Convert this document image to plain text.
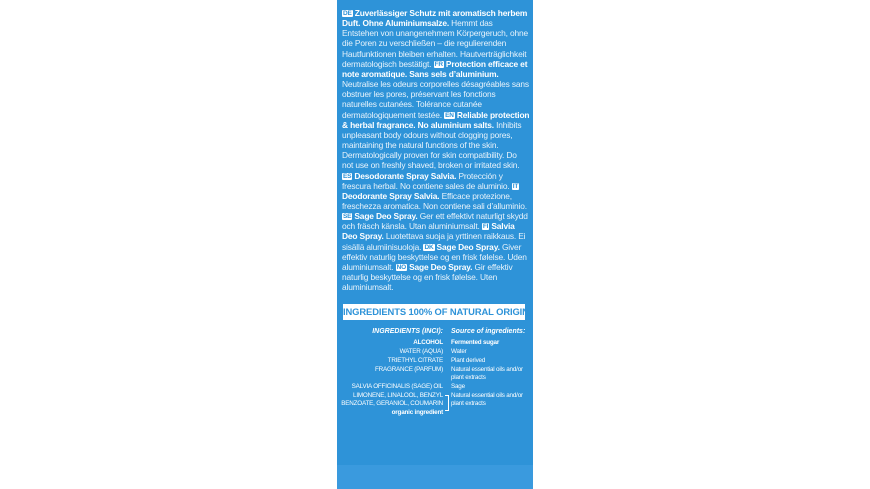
DE Zuverlässiger Schutz mit aromatisch herbem Duft. Ohne Aluminiumsalze. Hemmt das Entstehen von unangenehmem Körpergeruch, ohne die Poren zu verschließen – die regulierenden Hautfunktionen bleiben erhalten. Hautverträglichkeit dermatologisch bestätigt. FR Protection efficace et note aromatique. Sans sels d’aluminium. Neutralise les odeurs corporelles désagréables sans obstruer les pores, préservant les fonctions naturelles cutanées. Tolérance cutanée dermatologiquement testée. EN Reliable protection & herbal fragrance. No aluminium salts. Inhibits unpleasant body odours without clogging pores, maintaining the natural functions of the skin. Dermatologically proven for skin compatibility. Do not use on freshly shaved, broken or irritated skin. ES Desodorante Spray Salvia. Protección y frescura herbal. No contiene sales de aluminio. ITDeodorante Spray Salvia. Efficace protezione, freschezza aromatica. Non contiene sali d’alluminio. SE Sage Deo Spray. Ger ett effektivt naturligt skydd och fräsch känsla. Utan aluminiumsalt. FI Salvia Deo Spray. Luotettava suoja ja yrttinen raikkaus. Ei sisällä alumiinisuoloja. DK Sage Deo Spray. Giver effektiv naturlig beskyttelse og en frisk følelse. Uden aluminiumsalt. NO Sage Deo Spray. Gir effektiv naturlig beskyttelse og en frisk følelse. Uten aluminiumsalt.
INGREDIENTS 100% OF NATURAL ORIGIN
INGREDIENTS (INCI): Source of ingredients:
ALCOHOL Fermented sugar
WATER (AQUA) Water
TRIETHYL CITRATE Plant derived
FRAGRANCE (PARFUM) Natural essential oils and/or
plant extracts
SALVIA OFFICINALIS (SAGE) OIL Sage
LIMONENE, LINALOOL, BENZYL
BENZOATE, GERANIOL, COUMARIN
Natural essential oils and/or
plant extracts
organic ingredient
